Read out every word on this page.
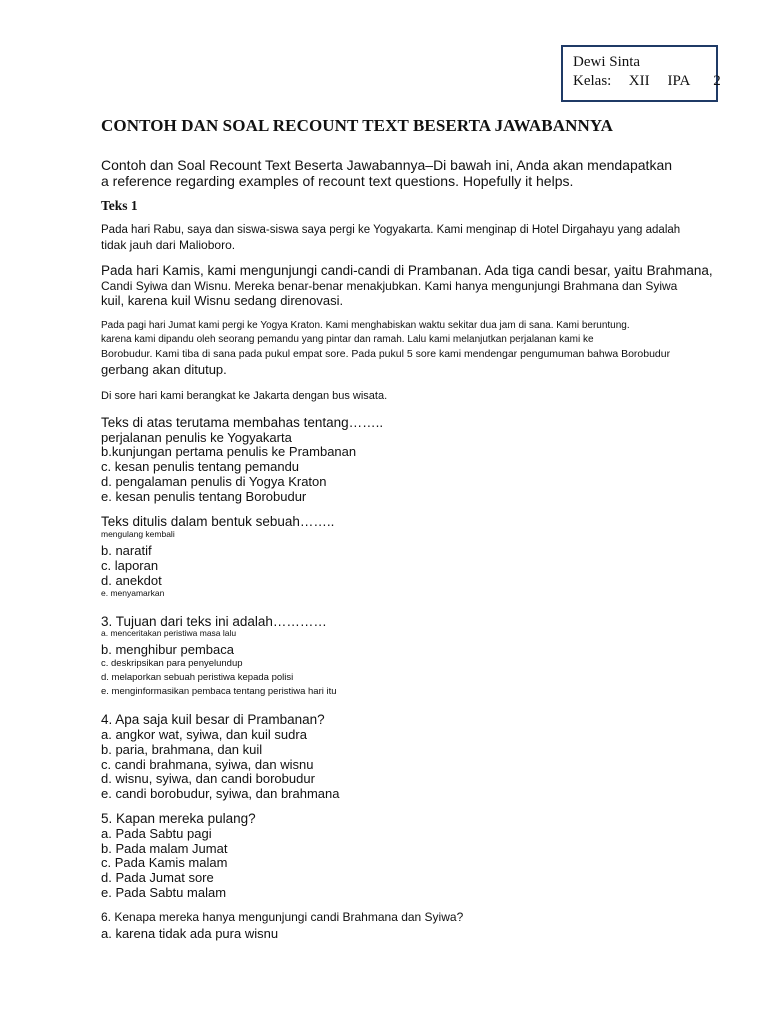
Dewi Sinta
Kelas: XII IPA 2
CONTOH DAN SOAL RECOUNT TEXT BESERTA JAWABANNYA
Contoh dan Soal Recount Text Beserta Jawabannya–Di bawah ini, Anda akan mendapatkan
a reference regarding examples of recount text questions. Hopefully it helps.
Teks 1
Pada hari Rabu, saya dan siswa-siswa saya pergi ke Yogyakarta. Kami menginap di Hotel Dirgahayu yang adalah
tidak jauh dari Malioboro.
Pada hari Kamis, kami mengunjungi candi-candi di Prambanan. Ada tiga candi besar, yaitu Brahmana,
Candi Syiwa dan Wisnu. Mereka benar-benar menakjubkan. Kami hanya mengunjungi Brahmana dan Syiwa
kuil, karena kuil Wisnu sedang direnovasi.
Pada pagi hari Jumat kami pergi ke Yogya Kraton. Kami menghabiskan waktu sekitar dua jam di sana. Kami beruntung.
karena kami dipandu oleh seorang pemandu yang pintar dan ramah. Lalu kami melanjutkan perjalanan kami ke
Borobudur. Kami tiba di sana pada pukul empat sore. Pada pukul 5 sore kami mendengar pengumuman bahwa Borobudur
gerbang akan ditutup.
Di sore hari kami berangkat ke Jakarta dengan bus wisata.
Teks di atas terutama membahas tentang……..
perjalanan penulis ke Yogyakarta
b.kunjungan pertama penulis ke Prambanan
c. kesan penulis tentang pemandu
d. pengalaman penulis di Yogya Kraton
e. kesan penulis tentang Borobudur
Teks ditulis dalam bentuk sebuah……..
mengulang kembali
b. naratif
c. laporan
d. anekdot
e. menyamarkan
3. Tujuan dari teks ini adalah…………
a. menceritakan peristiwa masa lalu
b. menghibur pembaca
c. deskripsikan para penyelundup
d. melaporkan sebuah peristiwa kepada polisi
e. menginformasikan pembaca tentang peristiwa hari itu
4. Apa saja kuil besar di Prambanan?
a. angkor wat, syiwa, dan kuil sudra
b. paria, brahmana, dan kuil
c. candi brahmana, syiwa, dan wisnu
d. wisnu, syiwa, dan candi borobudur
e. candi borobudur, syiwa, dan brahmana
5. Kapan mereka pulang?
a. Pada Sabtu pagi
b. Pada malam Jumat
c. Pada Kamis malam
d. Pada Jumat sore
e. Pada Sabtu malam
6. Kenapa mereka hanya mengunjungi candi Brahmana dan Syiwa?
a. karena tidak ada pura wisnu
